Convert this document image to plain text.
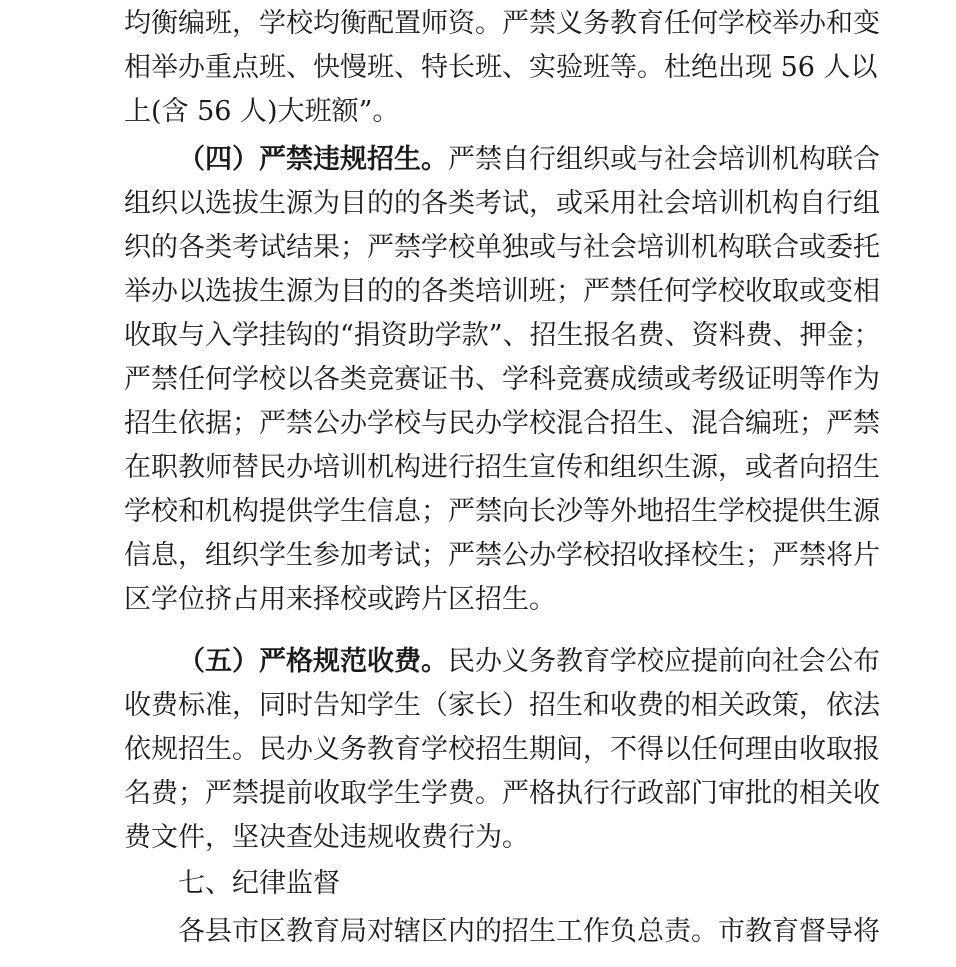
均衡编班，学校均衡配置师资。严禁义务教育任何学校举办和变
相举办重点班、快慢班、特长班、实验班等。杜绝出现 56 人以
上(含 56 人)大班额”。
（四）严禁违规招生。严禁自行组织或与社会培训机构联合
组织以选拔生源为目的的各类考试，或采用社会培训机构自行组
织的各类考试结果；严禁学校单独或与社会培训机构联合或委托
举办以选拔生源为目的的各类培训班；严禁任何学校收取或变相
收取与入学挂钩的“捐资助学款”、招生报名费、资料费、押金；
严禁任何学校以各类竞赛证书、学科竞赛成绩或考级证明等作为
招生依据；严禁公办学校与民办学校混合招生、混合编班；严禁
在职教师替民办培训机构进行招生宣传和组织生源，或者向招生
学校和机构提供学生信息；严禁向长沙等外地招生学校提供生源
信息，组织学生参加考试；严禁公办学校招收择校生；严禁将片
区学位挤占用来择校或跨片区招生。
（五）严格规范收费。民办义务教育学校应提前向社会公布
收费标准，同时告知学生（家长）招生和收费的相关政策，依法
依规招生。民办义务教育学校招生期间，不得以任何理由收取报
名费；严禁提前收取学生学费。严格执行行政部门审批的相关收
费文件，坚决查处违规收费行为。
七、纪律监督
各县市区教育局对辖区内的招生工作负总责。市教育督导将
